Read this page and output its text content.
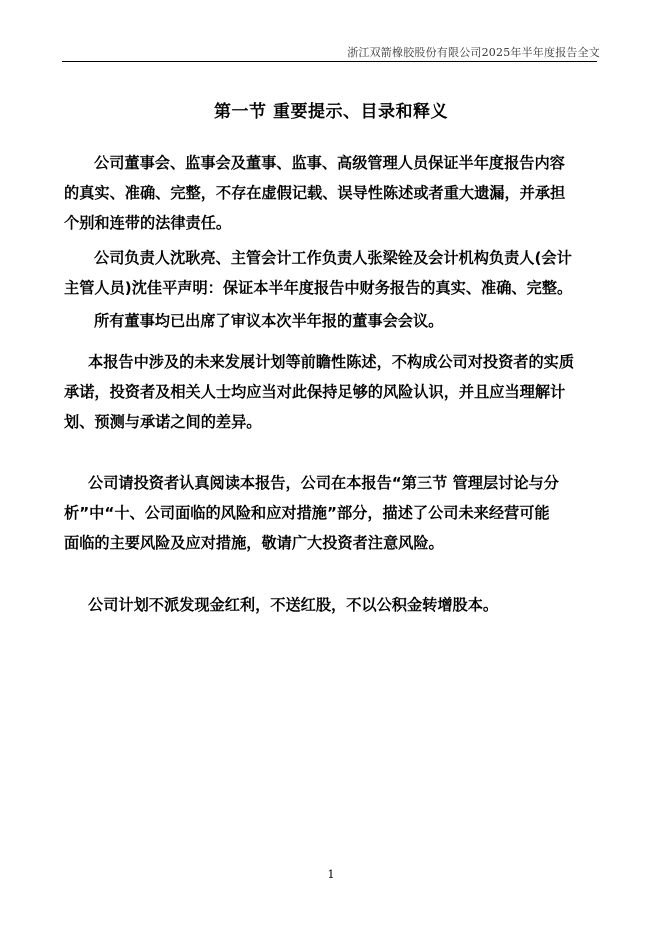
浙江双箭橡胶股份有限公司2025年半年度报告全文
第一节 重要提示、目录和释义
公司董事会、监事会及董事、监事、高级管理人员保证半年度报告内容
的真实、准确、完整，不存在虚假记载、误导性陈述或者重大遗漏，并承担
个别和连带的法律责任。
公司负责人沈耿亮、主管会计工作负责人张梁铨及会计机构负责人(会计
主管人员)沈佳平声明：保证本半年度报告中财务报告的真实、准确、完整。
所有董事均已出席了审议本次半年报的董事会会议。
本报告中涉及的未来发展计划等前瞻性陈述，不构成公司对投资者的实质
承诺，投资者及相关人士均应当对此保持足够的风险认识，并且应当理解计
划、预测与承诺之间的差异。
公司请投资者认真阅读本报告，公司在本报告“第三节 管理层讨论与分
析”中“十、公司面临的风险和应对措施”部分，描述了公司未来经营可能
面临的主要风险及应对措施，敬请广大投资者注意风险。
公司计划不派发现金红利，不送红股，不以公积金转增股本。
1
